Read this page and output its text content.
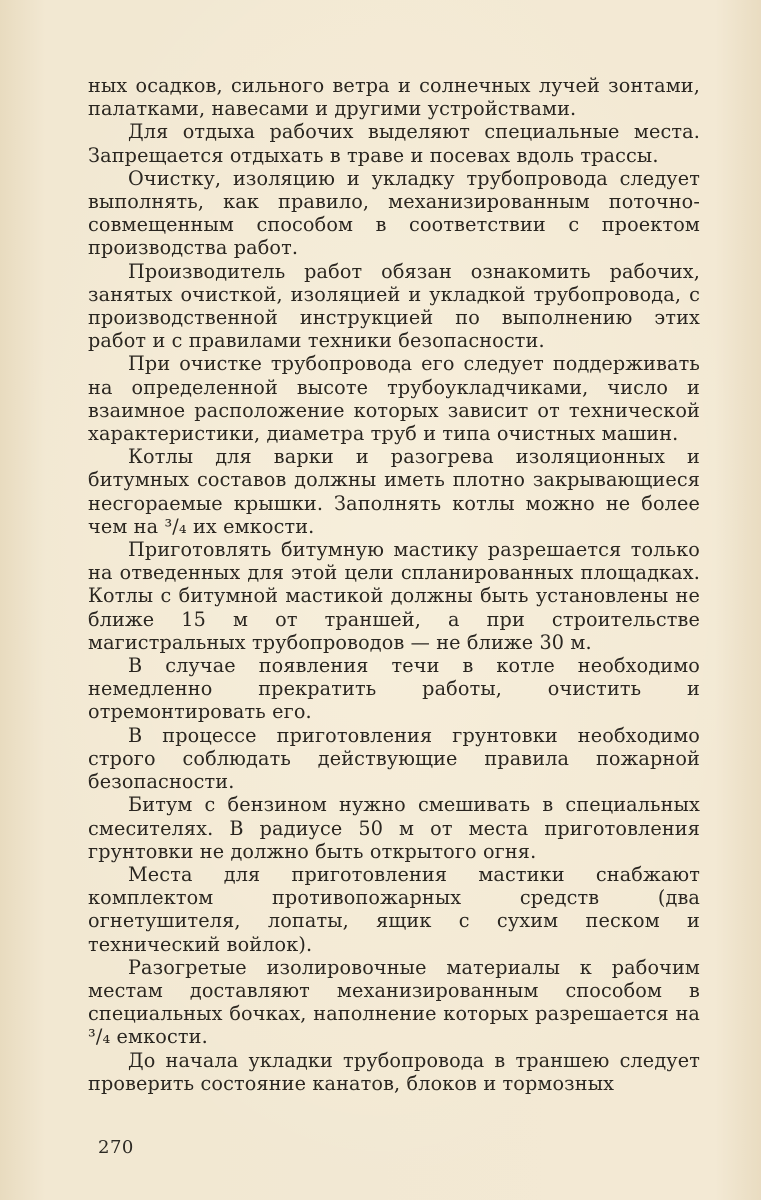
ных осадков, сильного ветра и солнечных лучей зонтами, палатками, навесами и другими устройствами.

Для отдыха рабочих выделяют специальные места. Запрещается отдыхать в траве и посевах вдоль трассы.

Очистку, изоляцию и укладку трубопровода следует выполнять, как правило, механизированным поточно-совмещенным способом в соответствии с проектом производства работ.

Производитель работ обязан ознакомить рабочих, занятых очисткой, изоляцией и укладкой трубопровода, с производственной инструкцией по выполнению этих работ и с правилами техники безопасности.

При очистке трубопровода его следует поддерживать на определенной высоте трубоукладчиками, число и взаимное расположение которых зависит от технической характеристики, диаметра труб и типа очистных машин.

Котлы для варки и разогрева изоляционных и битумных составов должны иметь плотно закрывающиеся несгораемые крышки. Заполнять котлы можно не более чем на ³/₄ их емкости.

Приготовлять битумную мастику разрешается только на отведенных для этой цели спланированных площадках. Котлы с битумной мастикой должны быть установлены не ближе 15 м от траншей, а при строительстве магистральных трубопроводов — не ближе 30 м.

В случае появления течи в котле необходимо немедленно прекратить работы, очистить и отремонтировать его.

В процессе приготовления грунтовки необходимо строго соблюдать действующие правила пожарной безопасности.

Битум с бензином нужно смешивать в специальных смесителях. В радиусе 50 м от места приготовления грунтовки не должно быть открытого огня.

Места для приготовления мастики снабжают комплектом противопожарных средств (два огнетушителя, лопаты, ящик с сухим песком и технический войлок).

Разогретые изолировочные материалы к рабочим местам доставляют механизированным способом в специальных бочках, наполнение которых разрешается на ³/₄ емкости.

До начала укладки трубопровода в траншею следует проверить состояние канатов, блоков и тормозных

270
